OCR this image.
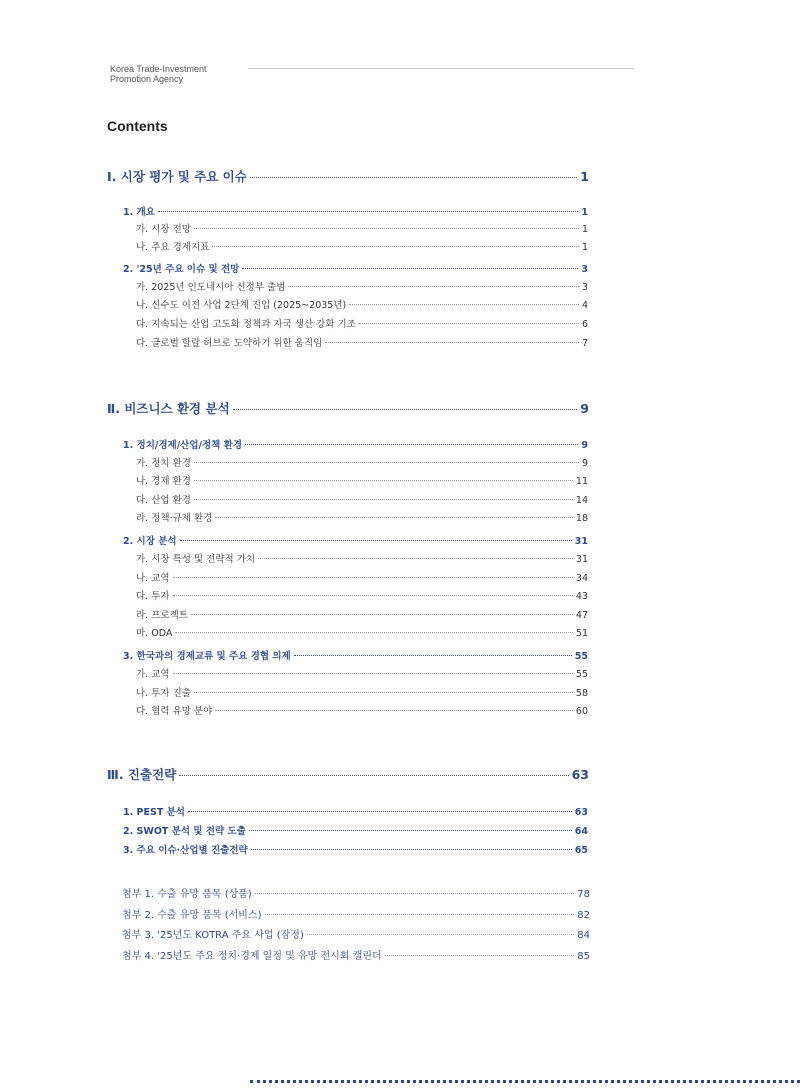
Korea Trade-Investment
Promotion Agency
Contents
Ⅰ. 시장 평가 및 주요 이슈	1
1. 개요	1
가. 시장 전망	1
나. 주요 경제지표	1
2. '25년 주요 이슈 및 전망	3
가. 2025년 인도네시아 신정부 출범	3
나. 신수도 이전 사업 2단계 진입 (2025~2035년)	4
다. 지속되는 산업 고도화 정책과 자국 생산 강화 기조	6
다. 글로벌 할랄 허브로 도약하기 위한 움직임	7
Ⅱ. 비즈니스 환경 분석	9
1. 정치/경제/산업/정책 환경	9
가. 정치 환경	9
나. 경제 환경	11
다. 산업 환경	14
라. 정책·규제 환경	18
2. 시장 분석	31
가. 시장 특성 및 전략적 가치	31
나. 교역	34
다. 투자	43
라. 프로젝트	47
마. ODA	51
3. 한국과의 경제교류 및 주요 경협 의제	55
가. 교역	55
나. 투자 진출	58
다. 협력 유망 분야	60
Ⅲ. 진출전략	63
1. PEST 분석	63
2. SWOT 분석 및 전략 도출	64
3. 주요 이슈·산업별 진출전략	65
첨부 1. 수출 유망 품목 (상품)	78
첨부 2. 수출 유망 품목 (서비스)	82
첨부 3. '25년도 KOTRA 주요 사업 (잠정)	84
첨부 4. '25년도 주요 정치·경제 일정 및 유망 전시회 캘린더	85
